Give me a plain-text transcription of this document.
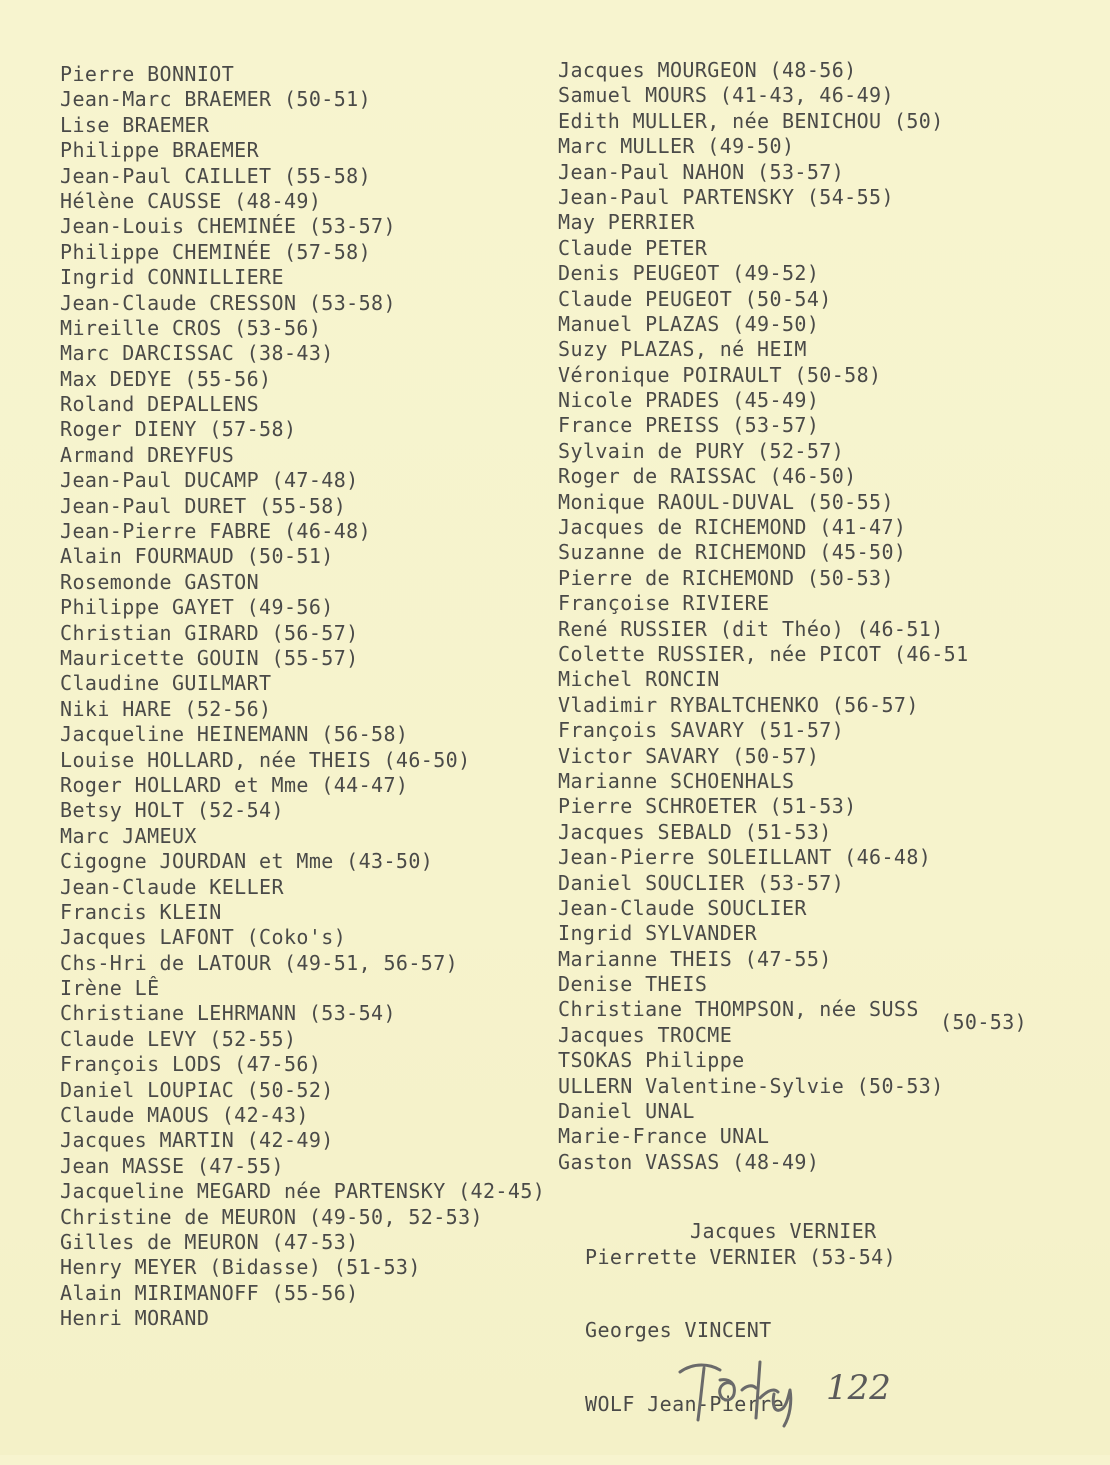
Pierre BONNIOT
Jean-Marc BRAEMER (50-51)
Lise BRAEMER
Philippe BRAEMER
Jean-Paul CAILLET (55-58)
Hélène CAUSSE (48-49)
Jean-Louis CHEMINÉE (53-57)
Philippe CHEMINÉE (57-58)
Ingrid CONNILLIERE
Jean-Claude CRESSON (53-58)
Mireille CROS (53-56)
Marc DARCISSAC (38-43)
Max DEDYE (55-56)
Roland DEPALLENS
Roger DIENY (57-58)
Armand DREYFUS
Jean-Paul DUCAMP (47-48)
Jean-Paul DURET (55-58)
Jean-Pierre FABRE (46-48)
Alain FOURMAUD (50-51)
Rosemonde GASTON
Philippe GAYET (49-56)
Christian GIRARD (56-57)
Mauricette GOUIN (55-57)
Claudine GUILMART
Niki HARE (52-56)
Jacqueline HEINEMANN (56-58)
Louise HOLLARD, née THEIS (46-50)
Roger HOLLARD et Mme (44-47)
Betsy HOLT (52-54)
Marc JAMEUX
Cigogne JOURDAN et Mme (43-50)
Jean-Claude KELLER
Francis KLEIN
Jacques LAFONT (Coko's)
Chs-Hri de LATOUR (49-51, 56-57)
Irène LÊ
Christiane LEHRMANN (53-54)
Claude LEVY (52-55)
François LODS (47-56)
Daniel LOUPIAC (50-52)
Claude MAOUS (42-43)
Jacques MARTIN (42-49)
Jean MASSE (47-55)
Jacqueline MEGARD née PARTENSKY (42-45)
Christine de MEURON (49-50, 52-53)
Gilles de MEURON (47-53)
Henry MEYER (Bidasse) (51-53)
Alain MIRIMANOFF (55-56)
Henri MORAND
Jacques MOURGEON (48-56)
Samuel MOURS (41-43, 46-49)
Edith MULLER, née BENICHOU (50)
Marc MULLER (49-50)
Jean-Paul NAHON (53-57)
Jean-Paul PARTENSKY (54-55)
May PERRIER
Claude PETER
Denis PEUGEOT (49-52)
Claude PEUGEOT (50-54)
Manuel PLAZAS (49-50)
Suzy PLAZAS, né HEIM
Véronique POIRAULT (50-58)
Nicole PRADES (45-49)
France PREISS (53-57)
Sylvain de PURY (52-57)
Roger de RAISSAC (46-50)
Monique RAOUL-DUVAL (50-55)
Jacques de RICHEMOND (41-47)
Suzanne de RICHEMOND (45-50)
Pierre de RICHEMOND (50-53)
Françoise RIVIERE
René RUSSIER (dit Théo) (46-51)
Colette RUSSIER, née PICOT (46-51
Michel RONCIN
Vladimir RYBALTCHENKO (56-57)
François SAVARY (51-57)
Victor SAVARY (50-57)
Marianne SCHOENHALS
Pierre SCHROETER (51-53)
Jacques SEBALD (51-53)
Jean-Pierre SOLEILLANT (46-48)
Daniel SOUCLIER (53-57)
Jean-Claude SOUCLIER
Ingrid SYLVANDER
Marianne THEIS (47-55)
Denise THEIS
Christiane THOMPSON, née SUSS
Jacques TROCME
TSOKAS Philippe
ULLERN Valentine-Sylvie (50-53)
Daniel UNAL
Marie-France UNAL
Gaston VASSAS (48-49)
(50-53)

Jacques VERNIER

Pierrette VERNIER (53-54)

Georges VINCENT

WOLF Jean-Pierre

	122
